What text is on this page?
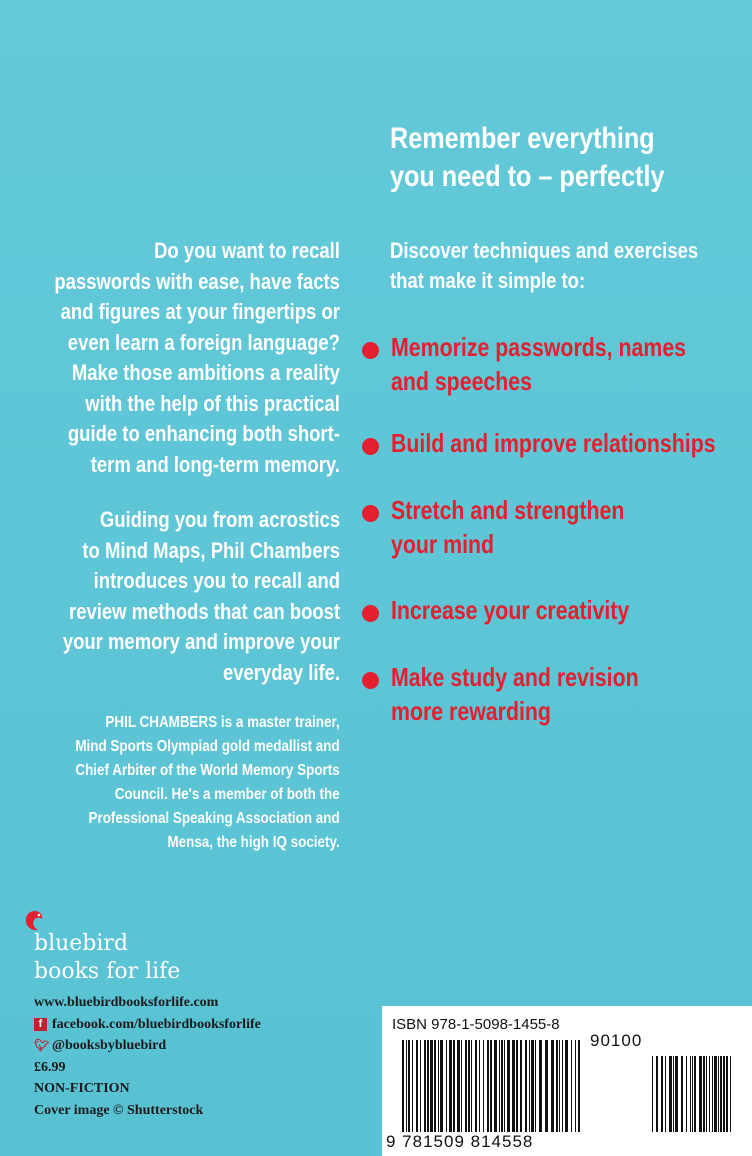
Remember everything
you need to – perfectly
Discover techniques and exercises
that make it simple to:
Memorize passwords, names
and speeches
Build and improve relationships
Stretch and strengthen
your mind
Increase your creativity
Make study and revision
more rewarding
Do you want to recall
passwords with ease, have facts
and figures at your fingertips or
even learn a foreign language?
Make those ambitions a reality
with the help of this practical
guide to enhancing both short-
term and long-term memory.
Guiding you from acrostics
to Mind Maps, Phil Chambers
introduces you to recall and
review methods that can boost
your memory and improve your
everyday life.
PHIL CHAMBERS is a master trainer,
Mind Sports Olympiad gold medallist and
Chief Arbiter of the World Memory Sports
Council. He's a member of both the
Professional Speaking Association and
Mensa, the high IQ society.
bluebird
books for life
www.bluebirdbooksforlife.com
f facebook.com/bluebirdbooksforlife
🐦︎ @booksbybluebird
£6.99
NON-FICTION
Cover image © Shutterstock
ISBN 978-1-5098-1455-8
90100
9 781509 814558
